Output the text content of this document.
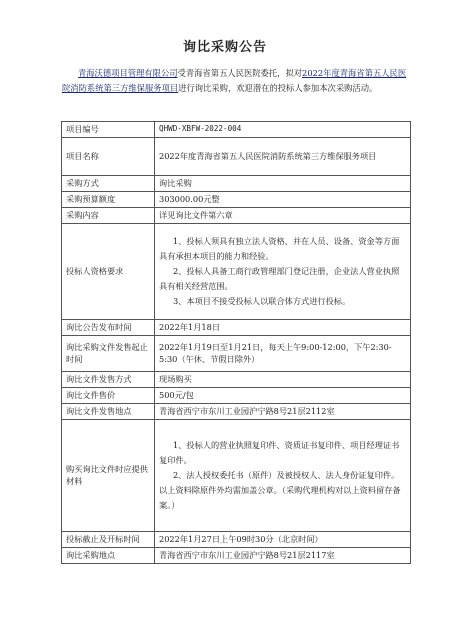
询比采购公告
青海沃德项目管理有限公司受青海省第五人民医院委托，拟对2022年度青海省第五人民医院消防系统第三方维保服务项目进行询比采购，欢迎潜在的投标人参加本次采购活动。
项目编号	QHWD-XBFW-2022-004
项目名称	2022年度青海省第五人民医院消防系统第三方维保服务项目
采购方式	询比采购
采购预算额度	303000.00元整
采购内容	详见询比文件第六章
投标人资格要求	1、投标人须具有独立法人资格、并在人员、设备、资金等方面具有承担本项目的能力和经验。
2、投标人具备工商行政管理部门登记注册，企业法人营业执照具有相关经营范围。
3、本项目不接受投标人以联合体方式进行投标。

询比公告发布时间	2022年1月18日
询比采购文件发售起止时间	2022年1月19日至1月21日，每天上午9:00-12:00，下午2:30-5:30（午休、节假日除外）
询比文件发售方式	现场购买
询比文件售价	500元/包
询比文件发售地点	青海省西宁市东川工业园沪宁路8号21层2112室
购买询比文件时应提供材料	1、投标人的营业执照复印件、资质证书复印件、项目经理证书复印件。
2、法人授权委托书（原件）及被授权人、法人身份证复印件。以上资料除原件外均需加盖公章。（采购代理机构对以上资料留存备案。）

投标截止及开标时间	2022年1月27日上午09时30分（北京时间）
询比采购地点	青海省西宁市东川工业园沪宁路8号21层2117室
